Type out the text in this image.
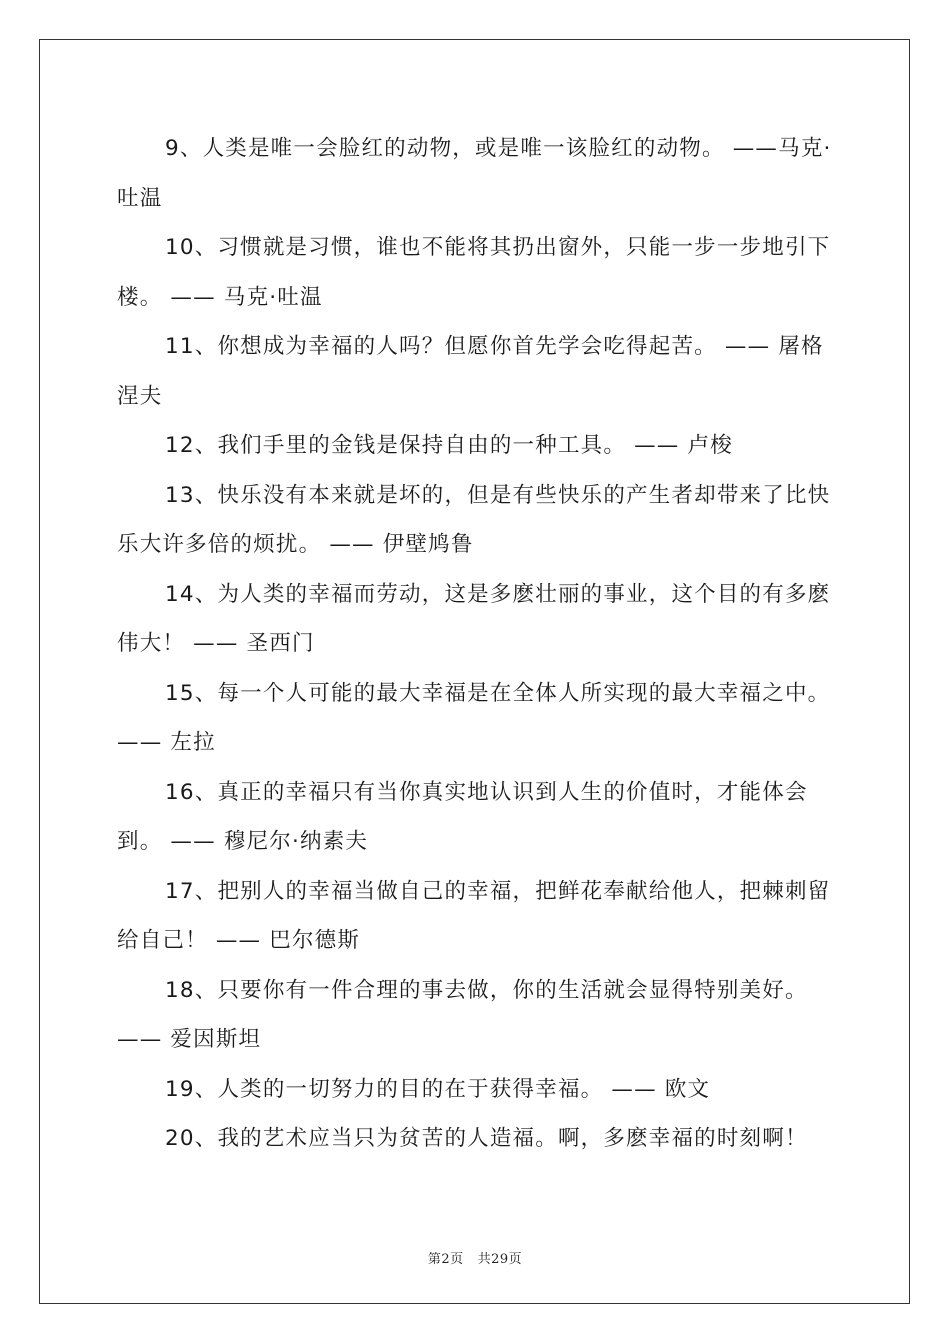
9、人类是唯一会脸红的动物，或是唯一该脸红的动物。 ——马克·吐温

10、习惯就是习惯，谁也不能将其扔出窗外，只能一步一步地引下楼。 —— 马克·吐温

11、你想成为幸福的人吗？但愿你首先学会吃得起苦。 —— 屠格涅夫

12、我们手里的金钱是保持自由的一种工具。 —— 卢梭

13、快乐没有本来就是坏的，但是有些快乐的产生者却带来了比快乐大许多倍的烦扰。 —— 伊壁鸠鲁

14、为人类的幸福而劳动，这是多麽壮丽的事业，这个目的有多麽伟大！ —— 圣西门

15、每一个人可能的最大幸福是在全体人所实现的最大幸福之中。 —— 左拉

16、真正的幸福只有当你真实地认识到人生的价值时，才能体会到。 —— 穆尼尔·纳素夫

17、把别人的幸福当做自己的幸福，把鲜花奉献给他人，把棘刺留给自己！ —— 巴尔德斯

18、只要你有一件合理的事去做，你的生活就会显得特别美好。 —— 爱因斯坦

19、人类的一切努力的目的在于获得幸福。 —— 欧文

20、我的艺术应当只为贫苦的人造福。啊，多麽幸福的时刻啊！

第2页 共29页
